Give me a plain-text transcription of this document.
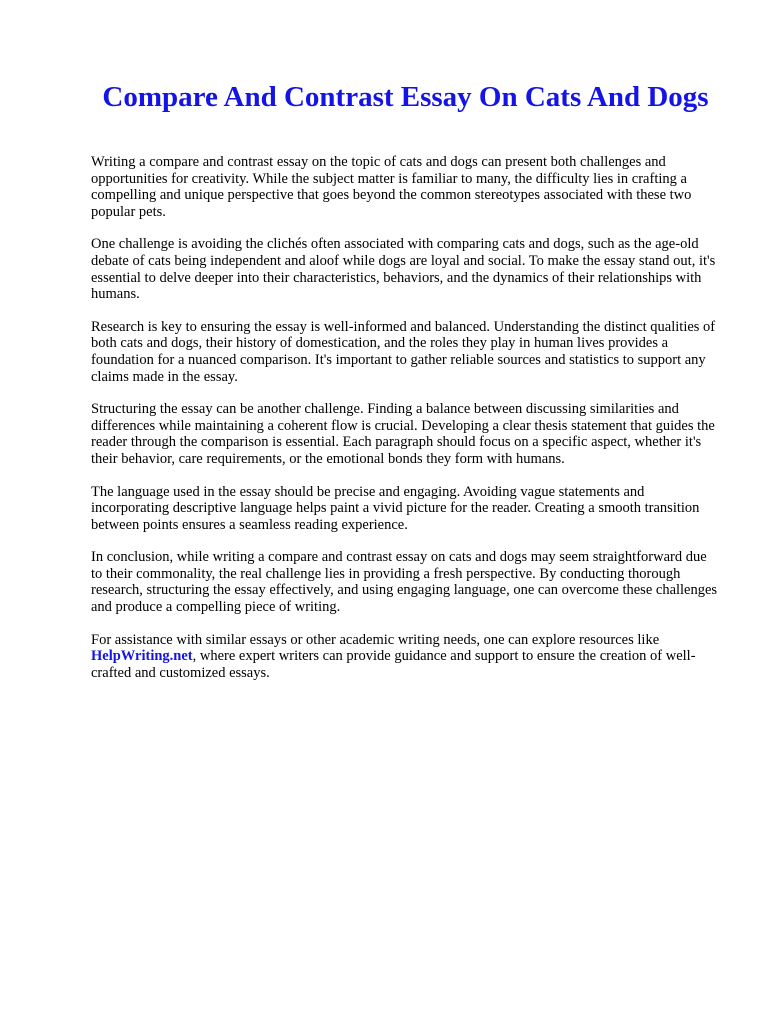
Compare And Contrast Essay On Cats And Dogs

Writing a compare and contrast essay on the topic of cats and dogs can present both challenges and opportunities for creativity. While the subject matter is familiar to many, the difficulty lies in crafting a compelling and unique perspective that goes beyond the common stereotypes associated with these two popular pets.

One challenge is avoiding the clichés often associated with comparing cats and dogs, such as the age-old debate of cats being independent and aloof while dogs are loyal and social. To make the essay stand out, it's essential to delve deeper into their characteristics, behaviors, and the dynamics of their relationships with humans.

Research is key to ensuring the essay is well-informed and balanced. Understanding the distinct qualities of both cats and dogs, their history of domestication, and the roles they play in human lives provides a foundation for a nuanced comparison. It's important to gather reliable sources and statistics to support any claims made in the essay.

Structuring the essay can be another challenge. Finding a balance between discussing similarities and differences while maintaining a coherent flow is crucial. Developing a clear thesis statement that guides the reader through the comparison is essential. Each paragraph should focus on a specific aspect, whether it's their behavior, care requirements, or the emotional bonds they form with humans.

The language used in the essay should be precise and engaging. Avoiding vague statements and incorporating descriptive language helps paint a vivid picture for the reader. Creating a smooth transition between points ensures a seamless reading experience.

In conclusion, while writing a compare and contrast essay on cats and dogs may seem straightforward due to their commonality, the real challenge lies in providing a fresh perspective. By conducting thorough research, structuring the essay effectively, and using engaging language, one can overcome these challenges and produce a compelling piece of writing.

For assistance with similar essays or other academic writing needs, one can explore resources like HelpWriting.net, where expert writers can provide guidance and support to ensure the creation of well-crafted and customized essays.
